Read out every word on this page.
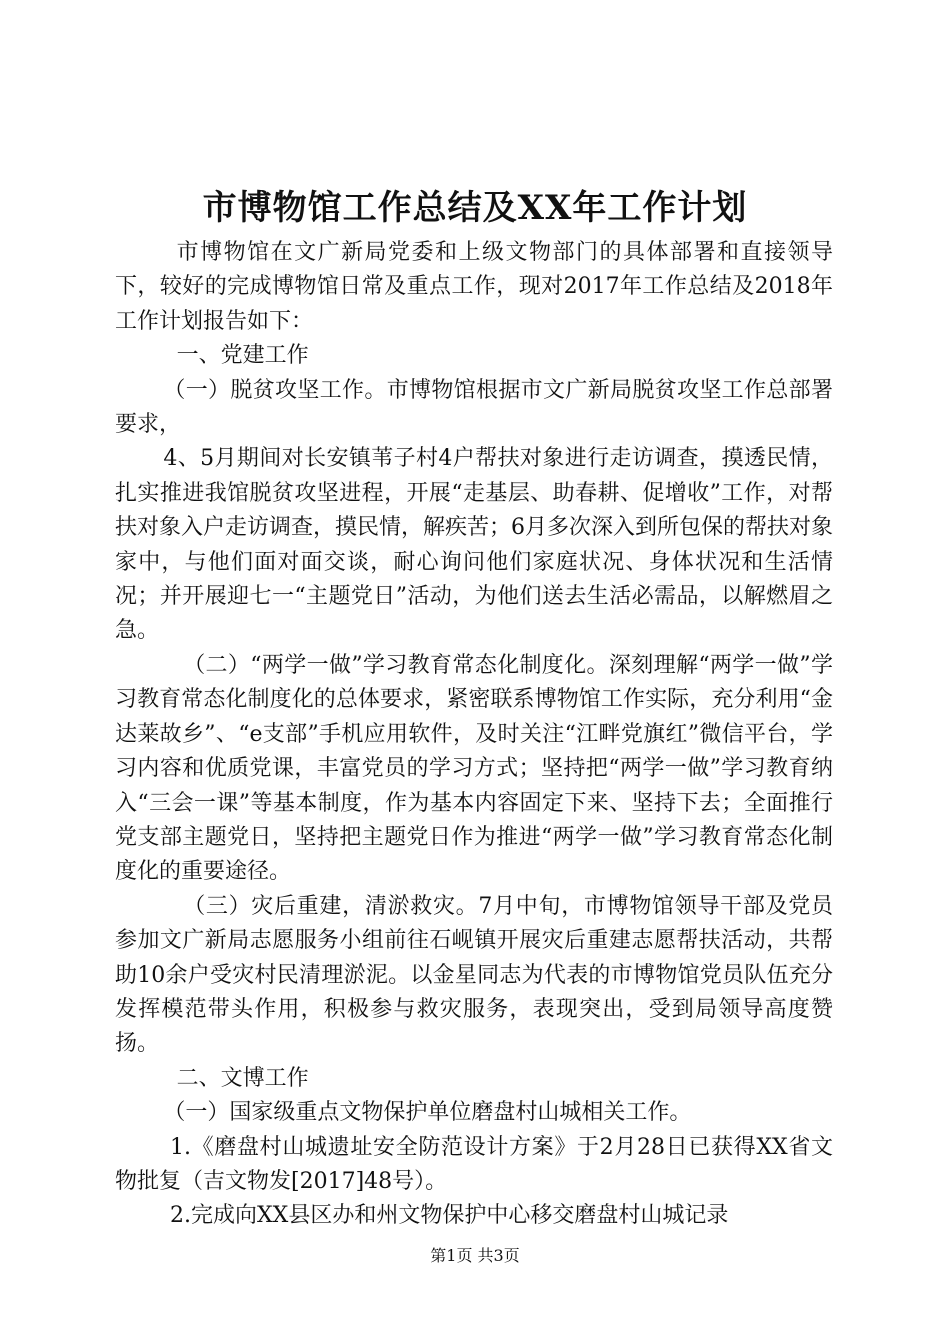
市博物馆工作总结及XX年工作计划

市博物馆在文广新局党委和上级文物部门的具体部署和直接领导下，较好的完成博物馆日常及重点工作，现对2017年工作总结及2018年工作计划报告如下：

一、党建工作

（一）脱贫攻坚工作。市博物馆根据市文广新局脱贫攻坚工作总部署要求，

4、5月期间对长安镇苇子村4户帮扶对象进行走访调查，摸透民情，扎实推进我馆脱贫攻坚进程，开展“走基层、助春耕、促增收”工作，对帮扶对象入户走访调查，摸民情，解疾苦；6月多次深入到所包保的帮扶对象家中，与他们面对面交谈，耐心询问他们家庭状况、身体状况和生活情况；并开展迎七一“主题党日”活动，为他们送去生活必需品，以解燃眉之急。

（二）“两学一做”学习教育常态化制度化。深刻理解“两学一做”学习教育常态化制度化的总体要求，紧密联系博物馆工作实际，充分利用“金达莱故乡”、“e支部”手机应用软件，及时关注“江畔党旗红”微信平台，学习内容和优质党课，丰富党员的学习方式；坚持把“两学一做”学习教育纳入“三会一课”等基本制度，作为基本内容固定下来、坚持下去；全面推行党支部主题党日，坚持把主题党日作为推进“两学一做”学习教育常态化制度化的重要途径。

（三）灾后重建，清淤救灾。7月中旬，市博物馆领导干部及党员参加文广新局志愿服务小组前往石岘镇开展灾后重建志愿帮扶活动，共帮助10余户受灾村民清理淤泥。以金星同志为代表的市博物馆党员队伍充分发挥模范带头作用，积极参与救灾服务，表现突出，受到局领导高度赞扬。

二、文博工作

（一）国家级重点文物保护单位磨盘村山城相关工作。

1.《磨盘村山城遗址安全防范设计方案》于2月28日已获得XX省文物批复（吉文物发[2017]48号）。

2.完成向XX县区办和州文物保护中心移交磨盘村山城记录

第1页 共3页
